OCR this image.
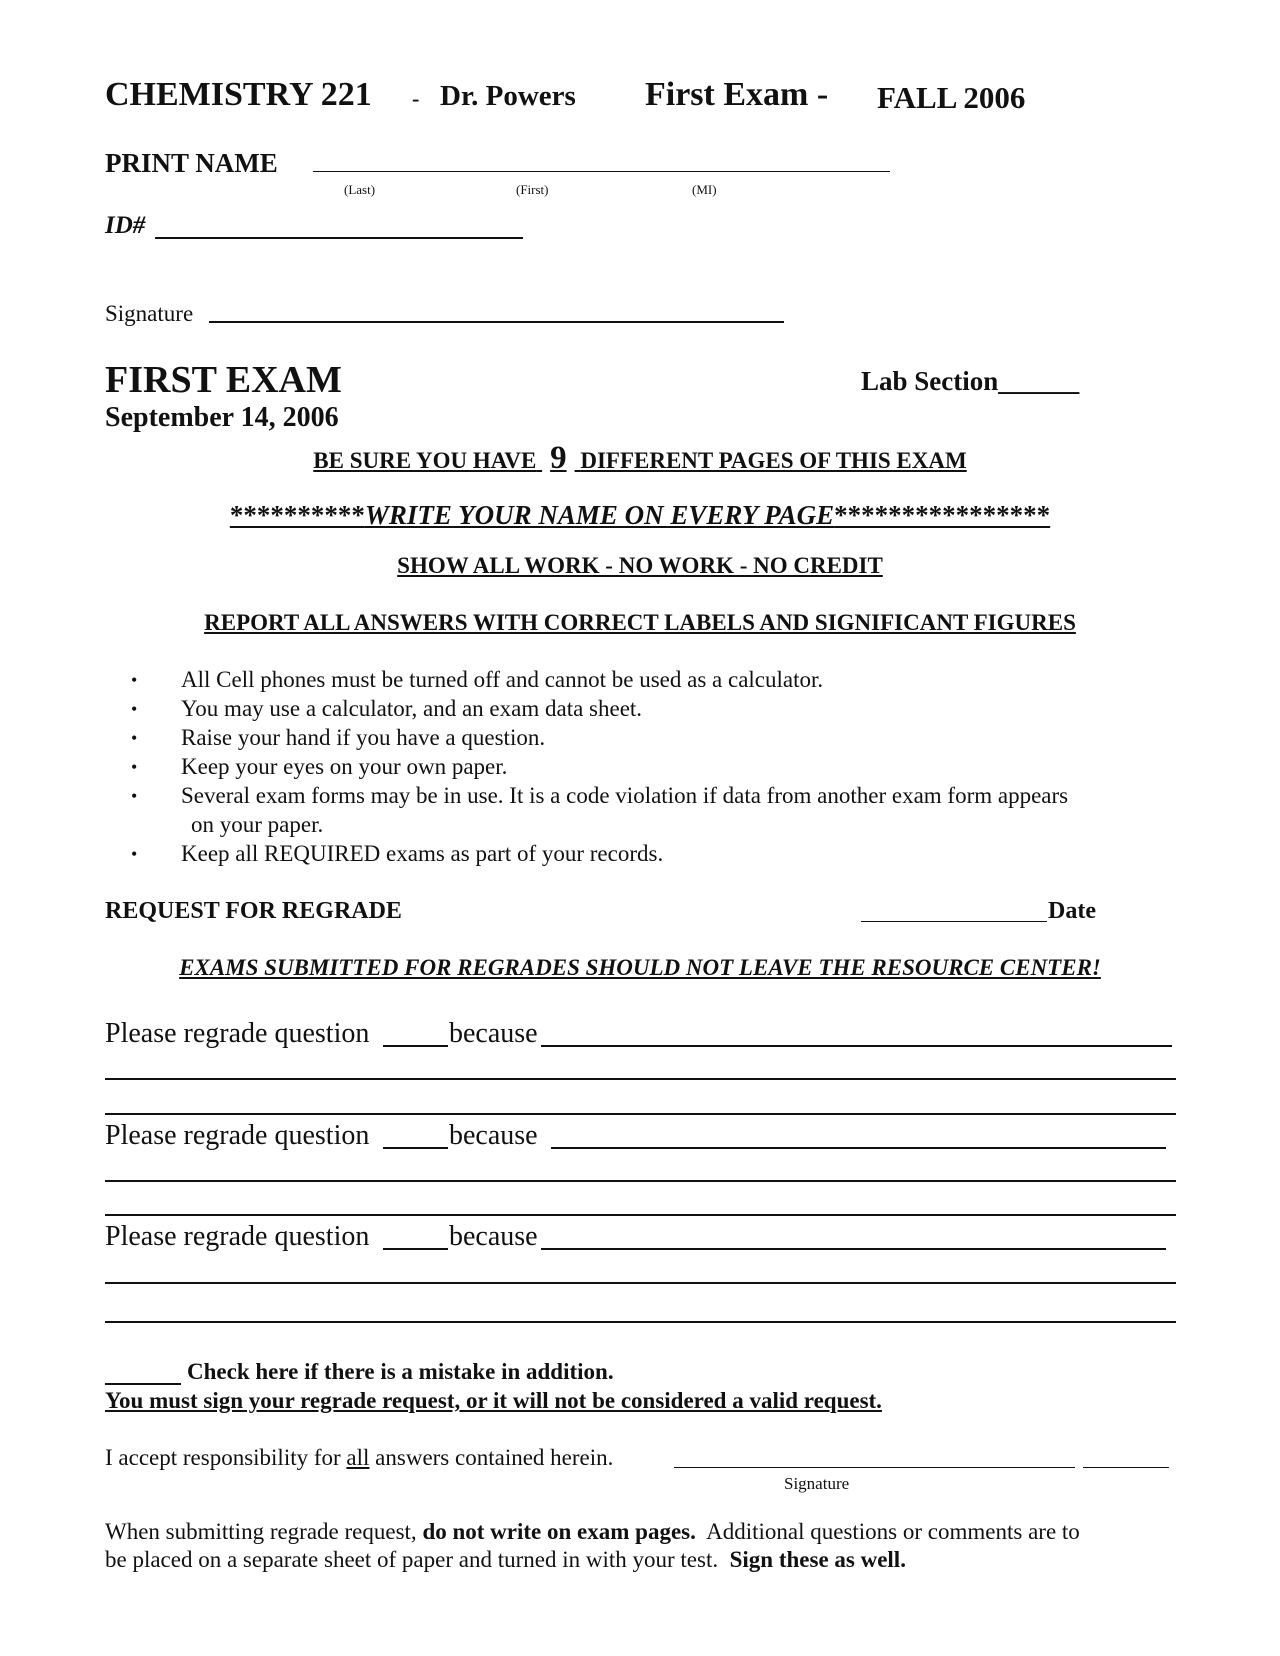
CHEMISTRY 221 - Dr. Powers First Exam - FALL 2006
PRINT NAME
(Last)	(First)	(MI)
ID#
Signature
FIRST EXAM
September 14, 2006
Lab Section______
BE SURE YOU HAVE 9 DIFFERENT PAGES OF THIS EXAM
**********WRITE YOUR NAME ON EVERY PAGE****************
SHOW ALL WORK - NO WORK - NO CREDIT
REPORT ALL ANSWERS WITH CORRECT LABELS AND SIGNIFICANT FIGURES
• All Cell phones must be turned off and cannot be used as a calculator.
• You may use a calculator, and an exam data sheet.
• Raise your hand if you have a question.
• Keep your eyes on your own paper.
• Several exam forms may be in use. It is a code violation if data from another exam form appears
on your paper.
• Keep all REQUIRED exams as part of your records.
REQUEST FOR REGRADE	Date
EXAMS SUBMITTED FOR REGRADES SHOULD NOT LEAVE THE RESOURCE CENTER!
Please regrade question	because
Please regrade question	because
Please regrade question	because
Check here if there is a mistake in addition.
You must sign your regrade request, or it will not be considered a valid request.
I accept responsibility for all answers contained herein.
Signature
When submitting regrade request, do not write on exam pages.  Additional questions or comments are to
be placed on a separate sheet of paper and turned in with your test.  Sign these as well.
